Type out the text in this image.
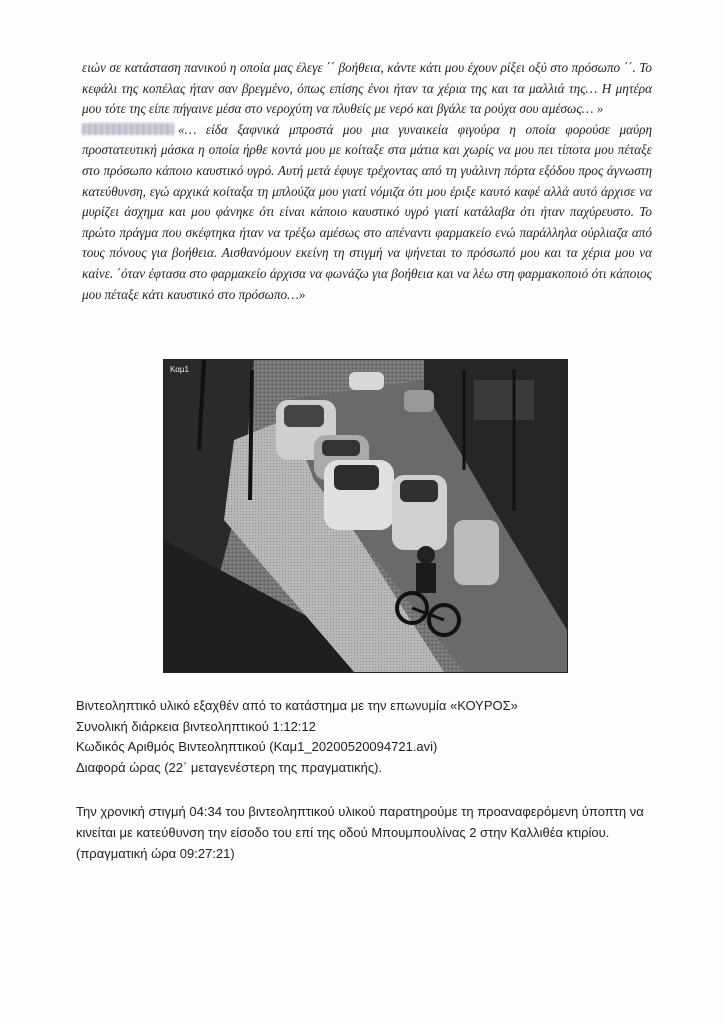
ειών σε κατάσταση πανικού η οποία μας έλεγε ΄΄ βοήθεια, κάντε κάτι μου έχουν ρίξει οξύ στο πρόσωπο ΄΄. Το κεφάλι της κοπέλας ήταν σαν βρεγμένο, όπως επίσης ένοι ήταν τα χέρια της και τα μαλλιά της… Η μητέρα μου τότε της είπε πήγαινε μέσα στο νεροχύτη να πλυθείς με νερό και βγάλε τα ρούχα σου αμέσως… »

«… είδα ξαφνικά μπροστά μου μια γυναικεία φιγούρα η οποία φορούσε μαύρη προστατευτική μάσκα η οποία ήρθε κοντά μου με κοίταξε στα μάτια και χωρίς να μου πει τίποτα μου πέταξε στο πρόσωπο κάποιο καυστικό υγρό. Αυτή μετά έφυγε τρέχοντας από τη γυάλινη πόρτα εξόδου προς άγνωστη κατεύθυνση, εγώ αρχικά κοίταξα τη μπλούζα μου γιατί νόμιζα ότι μου έριξε καυτό καφέ αλλά αυτό άρχισε να μυρίζει άσχημα και μου φάνηκε ότι είναι κάποιο καυστικό υγρό γιατί κατάλαβα ότι ήταν παχύρευστο. Το πρώτο πράγμα που σκέφτηκα ήταν να τρέξω αμέσως στο απέναντι φαρμακείο ενώ παράλληλα ούρλιαζα από τους πόνους για βοήθεια. Αισθανόμουν εκείνη τη στιγμή να ψήνεται το πρόσωπό μου και τα χέρια μου να καίνε. ΄όταν έφτασα στο φαρμακείο άρχισα να φωνάζω για βοήθεια και να λέω στη φαρμακοποιό ότι κάποιος μου πέταξε κάτι καυστικό στο πρόσωπο…»

Καμ1
Βιντεοληπτικό υλικό εξαχθέν από το κατάστημα με την επωνυμία «ΚΟΥΡΟΣ»
Συνολική διάρκεια βιντεοληπτικού 1:12:12
Κωδικός Αριθμός Βιντεοληπτικού (Καμ1_20200520094721.avi)
Διαφορά ώρας (22΄ μεταγενέστερη της πραγματικής).
Την χρονική στιγμή 04:34 του βιντεοληπτικού υλικού παρατηρούμε τη προαναφερόμενη ύποπτη να κινείται με κατεύθυνση την είσοδο του επί της οδού Μπουμπουλίνας 2 στην Καλλιθέα κτιρίου. (πραγματική ώρα 09:27:21)
